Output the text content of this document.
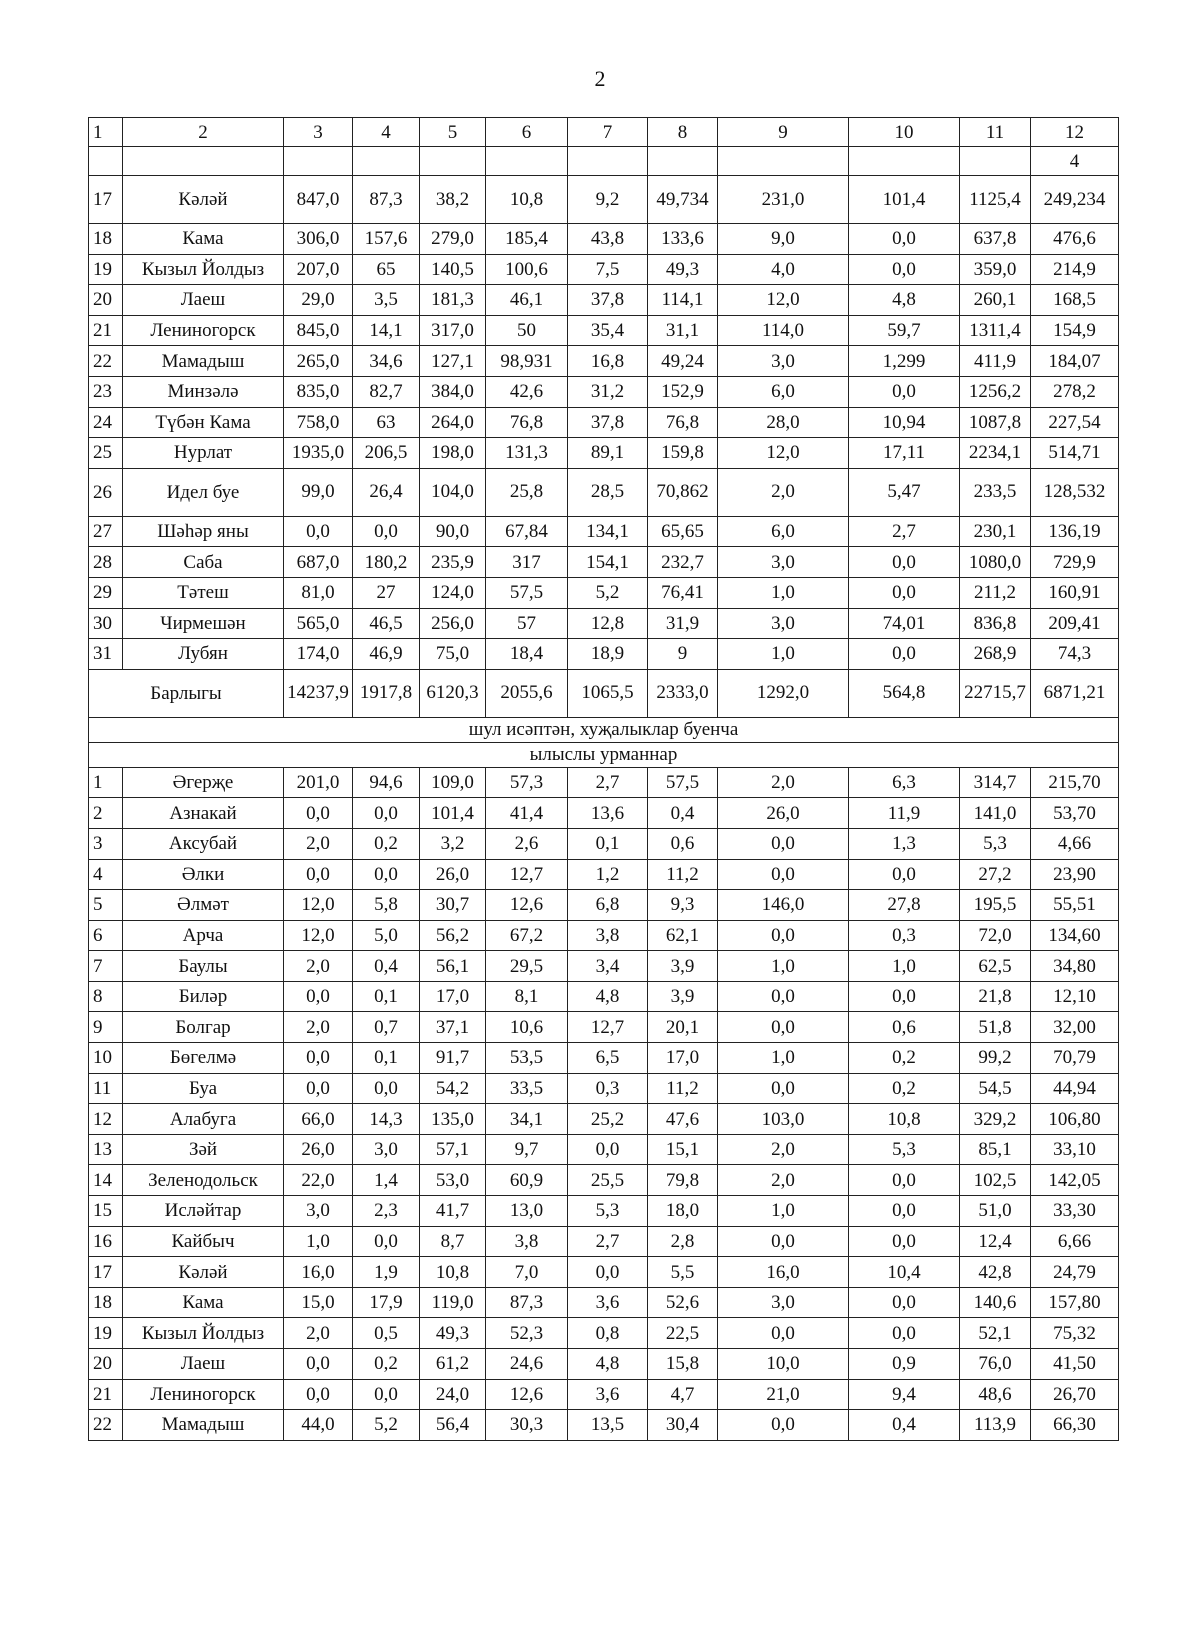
2
1	2	3	4	5	6	7	8	9	10	11	12
											4
17	Кәләй	847,0	87,3	38,2	10,8	9,2	49,734	231,0	101,4	1125,4	249,234
18	Кама	306,0	157,6	279,0	185,4	43,8	133,6	9,0	0,0	637,8	476,6
19	Кызыл Йолдыз	207,0	65	140,5	100,6	7,5	49,3	4,0	0,0	359,0	214,9
20	Лаеш	29,0	3,5	181,3	46,1	37,8	114,1	12,0	4,8	260,1	168,5
21	Лениногорск	845,0	14,1	317,0	50	35,4	31,1	114,0	59,7	1311,4	154,9
22	Мамадыш	265,0	34,6	127,1	98,931	16,8	49,24	3,0	1,299	411,9	184,07
23	Минзәлә	835,0	82,7	384,0	42,6	31,2	152,9	6,0	0,0	1256,2	278,2
24	Түбән Кама	758,0	63	264,0	76,8	37,8	76,8	28,0	10,94	1087,8	227,54
25	Нурлат	1935,0	206,5	198,0	131,3	89,1	159,8	12,0	17,11	2234,1	514,71
26	Идел буе	99,0	26,4	104,0	25,8	28,5	70,862	2,0	5,47	233,5	128,532
27	Шәһәр яны	0,0	0,0	90,0	67,84	134,1	65,65	6,0	2,7	230,1	136,19
28	Саба	687,0	180,2	235,9	317	154,1	232,7	3,0	0,0	1080,0	729,9
29	Тәтеш	81,0	27	124,0	57,5	5,2	76,41	1,0	0,0	211,2	160,91
30	Чирмешән	565,0	46,5	256,0	57	12,8	31,9	3,0	74,01	836,8	209,41
31	Лубян	174,0	46,9	75,0	18,4	18,9	9	1,0	0,0	268,9	74,3
Барлыгы		14237,9	1917,8	6120,3	2055,6	1065,5	2333,0	1292,0	564,8	22715,7	6871,21
шул исәптән, хуҗалыклар буенча											
ылыслы урманнар											
1	Әгерҗе	201,0	94,6	109,0	57,3	2,7	57,5	2,0	6,3	314,7	215,70
2	Азнакай	0,0	0,0	101,4	41,4	13,6	0,4	26,0	11,9	141,0	53,70
3	Аксубай	2,0	0,2	3,2	2,6	0,1	0,6	0,0	1,3	5,3	4,66
4	Әлки	0,0	0,0	26,0	12,7	1,2	11,2	0,0	0,0	27,2	23,90
5	Әлмәт	12,0	5,8	30,7	12,6	6,8	9,3	146,0	27,8	195,5	55,51
6	Арча	12,0	5,0	56,2	67,2	3,8	62,1	0,0	0,3	72,0	134,60
7	Баулы	2,0	0,4	56,1	29,5	3,4	3,9	1,0	1,0	62,5	34,80
8	Биләр	0,0	0,1	17,0	8,1	4,8	3,9	0,0	0,0	21,8	12,10
9	Болгар	2,0	0,7	37,1	10,6	12,7	20,1	0,0	0,6	51,8	32,00
10	Бөгелмә	0,0	0,1	91,7	53,5	6,5	17,0	1,0	0,2	99,2	70,79
11	Буа	0,0	0,0	54,2	33,5	0,3	11,2	0,0	0,2	54,5	44,94
12	Алабуга	66,0	14,3	135,0	34,1	25,2	47,6	103,0	10,8	329,2	106,80
13	Зәй	26,0	3,0	57,1	9,7	0,0	15,1	2,0	5,3	85,1	33,10
14	Зеленодольск	22,0	1,4	53,0	60,9	25,5	79,8	2,0	0,0	102,5	142,05
15	Исләйтар	3,0	2,3	41,7	13,0	5,3	18,0	1,0	0,0	51,0	33,30
16	Кайбыч	1,0	0,0	8,7	3,8	2,7	2,8	0,0	0,0	12,4	6,66
17	Кәләй	16,0	1,9	10,8	7,0	0,0	5,5	16,0	10,4	42,8	24,79
18	Кама	15,0	17,9	119,0	87,3	3,6	52,6	3,0	0,0	140,6	157,80
19	Кызыл Йолдыз	2,0	0,5	49,3	52,3	0,8	22,5	0,0	0,0	52,1	75,32
20	Лаеш	0,0	0,2	61,2	24,6	4,8	15,8	10,0	0,9	76,0	41,50
21	Лениногорск	0,0	0,0	24,0	12,6	3,6	4,7	21,0	9,4	48,6	26,70
22	Мамадыш	44,0	5,2	56,4	30,3	13,5	30,4	0,0	0,4	113,9	66,30
